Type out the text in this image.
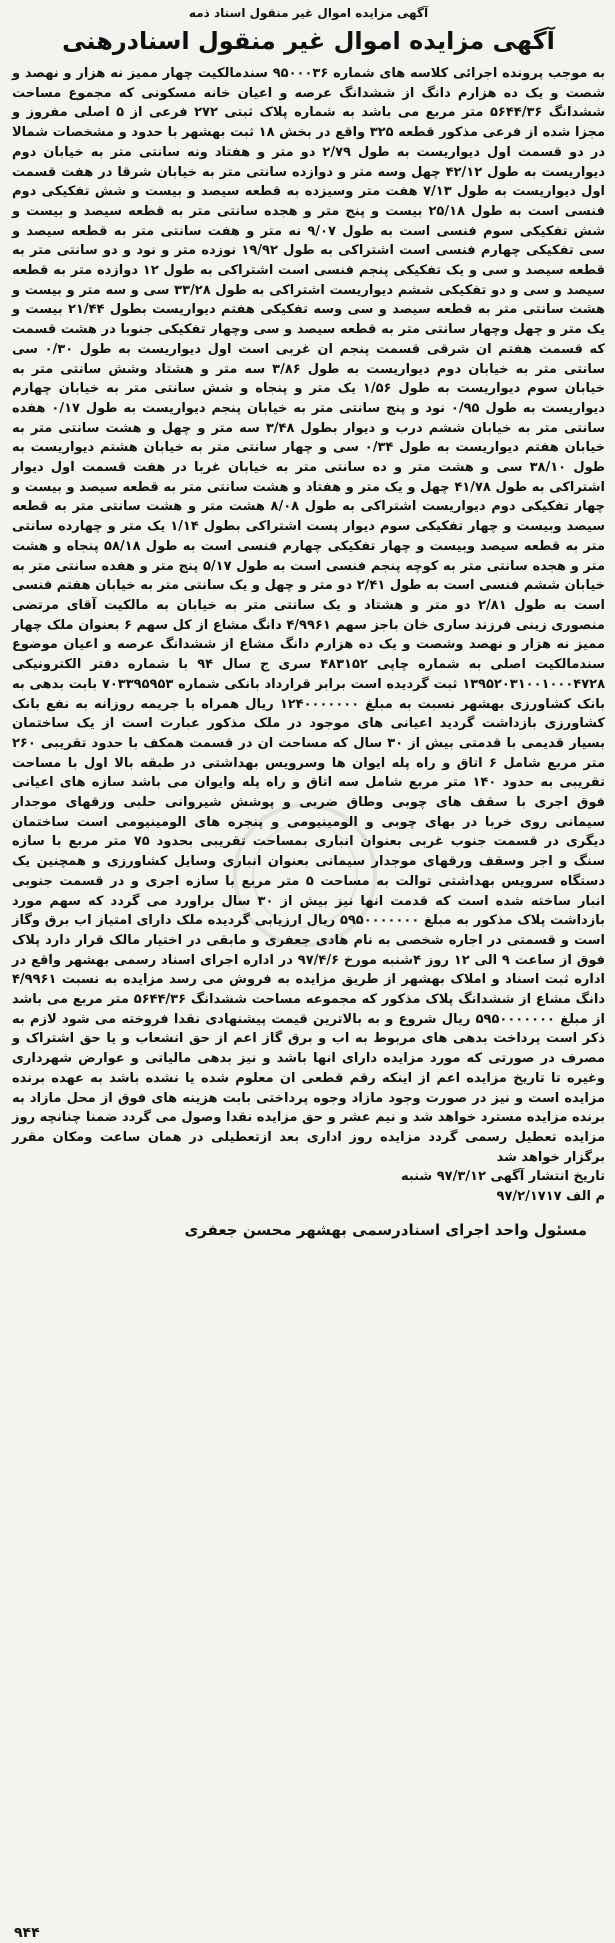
آگهی مزایده اموال غیر منقول اسناد ذمه
آگهی مزایده اموال غیر منقول اسنادرهنی

به موجب پرونده اجرائی کلاسه های شماره ۹۵۰۰۰۳۶ سندمالکیت چهار ممیز نه هزار و نهصد و شصت و یک ده هزارم دانگ از ششدانگ عرصه و اعیان خانه مسکونی که مجموع مساحت ششدانگ ۵۶۴۴/۳۶ متر مربع می باشد به شماره پلاک ثبتی ۲۷۲ فرعی از ۵ اصلی مفروز و مجزا شده از فرعی مذکور قطعه ۳۲۵ واقع در بخش ۱۸ ثبت بهشهر با حدود و مشخصات شمالا در دو قسمت اول دیواریست به طول ۲/۷۹ دو متر و هفتاد ونه سانتی متر به خیابان دوم دیواریست به طول ۴۲/۱۲ چهل وسه متر و دوازده سانتی متر به خیابان شرقا در هفت قسمت اول دیواریست به طول ۷/۱۳ هفت متر وسیزده به قطعه سیصد و بیست و شش تفکیکی دوم فنسی است به طول ۲۵/۱۸ بیست و پنج متر و هجده سانتی متر به قطعه سیصد و بیست و شش تفکیکی سوم فنسی است به طول ۹/۰۷ نه متر و هفت سانتی متر به قطعه سیصد و سی تفکیکی چهارم فنسی است اشتراکی به طول ۱۹/۹۲ نوزده متر و نود و دو سانتی متر به قطعه سیصد و سی و یک تفکیکی پنجم فنسی است اشتراکی به طول ۱۲ دوازده متر به قطعه سیصد و سی و دو تفکیکی ششم دیواریست اشتراکی به طول ۳۳/۲۸ سی و سه متر و بیست و هشت سانتی متر به قطعه سیصد و سی وسه تفکیکی هفتم دیواریست بطول ۲۱/۴۴ بیست و یک متر و چهل وچهار سانتی متر به قطعه سیصد و سی وچهار تفکیکی جنوبا در هشت قسمت که قسمت هفتم ان شرقی قسمت پنجم ان غربی است اول دیواریست به طول ۰/۳۰ سی سانتی متر به خیابان دوم دیواریست به طول ۳/۸۶ سه متر و هشتاد وشش سانتی متر به خیابان سوم دیواریست به طول ۱/۵۶ یک متر و پنجاه و شش سانتی متر به خیابان چهارم دیواریست به طول ۰/۹۵ نود و پنج سانتی متر به خیابان پنجم دیواریست به طول ۰/۱۷ هفده سانتی متر به خیابان ششم درب و دیوار بطول ۳/۴۸ سه متر و چهل و هشت سانتی متر به خیابان هفتم دیواریست به طول ۰/۳۴ سی و چهار سانتی متر به خیابان هشتم دیواریست به طول ۳۸/۱۰ سی و هشت متر و ده سانتی متر به خیابان غربا در هفت قسمت اول دیوار اشتراکی به طول ۴۱/۷۸ چهل و یک متر و هفتاد و هشت سانتی متر به قطعه سیصد و بیست و چهار تفکیکی دوم دیواریست اشتراکی به طول ۸/۰۸ هشت متر و هشت سانتی متر به قطعه سیصد وبیست و چهار تفکیکی سوم دیوار پست اشتراکی بطول ۱/۱۴ یک متر و چهارده سانتی متر به قطعه سیصد وبیست و چهار تفکیکی چهارم فنسی است به طول ۵۸/۱۸ پنجاه و هشت متر و هجده سانتی متر به کوچه پنجم فنسی است به طول ۵/۱۷ پنج متر و هفده سانتی متر به خیابان ششم فنسی است به طول ۲/۴۱ دو متر و چهل و یک سانتی متر به خیابان هفتم فنسی است به طول ۲/۸۱ دو متر و هشتاد و یک سانتی متر به خیابان به مالکیت آقای مرتضی منصوری زینی فرزند ساری خان باجز سهم ۴/۹۹۶۱ دانگ مشاع از کل سهم ۶ بعنوان ملک چهار ممیز نه هزار و نهصد وشصت و یک ده هزارم دانگ مشاع از ششدانگ عرصه و اعیان موضوع سندمالکیت اصلی به شماره چاپی ۴۸۳۱۵۲ سری ج سال ۹۴ با شماره دفتر الکترونیکی ۱۳۹۵۲۰۳۱۰۰۱۰۰۰۴۷۲۸ ثبت گردیده است برابر قرارداد بانکی شماره ۷۰۳۳۹۵۹۵۳ بابت بدهی به بانک کشاورزی بهشهر نسبت به مبلغ ۱۲۴۰۰۰۰۰۰۰ ریال همراه با جریمه روزانه به نفع بانک کشاورزی بازداشت گردید اعیانی های موجود در ملک مذکور عبارت است از یک ساختمان بسیار قدیمی با قدمتی بیش از ۳۰ سال که مساحت ان در قسمت همکف با حدود تقریبی ۲۶۰ متر مربع شامل ۶ اتاق و راه پله ایوان ها وسرویس بهداشتی در طبقه بالا اول با مساحت تقریبی به حدود ۱۴۰ متر مربع شامل سه اتاق و راه پله وایوان می باشد سازه های اعیانی فوق اجری با سقف های چوبی وطاق ضربی و پوشش شیروانی حلبی ورقهای موجدار سیمانی روی خربا در بهای چوبی و الومینیومی و پنجره های الومینیومی است ساختمان دیگری در قسمت جنوب غربی بعنوان انباری بمساحت تقریبی بحدود ۷۵ متر مربع با سازه سنگ و اجر وسقف ورقهای موجدار سیمانی بعنوان انباری وسایل کشاورزی و همچنین یک دستگاه سرویس بهداشتی توالت به مساحت ۵ متر مربع با سازه اجری و در قسمت جنوبی انبار ساخته شده است که قدمت انها نیز بیش از ۳۰ سال براورد می گردد که سهم مورد بازداشت پلاک مذکور به مبلغ ۵۹۵۰۰۰۰۰۰۰ ریال ارزیابی گردیده ملک دارای امتیاز اب برق وگاز است و قسمتی در اجاره شخصی به نام هادی جعفری و مابقی در اختیار مالک قرار دارد پلاک فوق از ساعت ۹ الی ۱۲ روز ۴شنبه مورخ ۹۷/۴/۶ در اداره اجرای اسناد رسمی بهشهر واقع در اداره ثبت اسناد و املاک بهشهر از طریق مزایده به فروش می رسد مزایده به نسبت ۴/۹۹۶۱ دانگ مشاع از ششدانگ پلاک مذکور که مجموعه مساحت ششدانگ ۵۶۴۴/۳۶ متر مربع می باشد از مبلغ ۵۹۵۰۰۰۰۰۰۰ ریال شروع و به بالاترین قیمت پیشنهادی نقدا فروخته می شود لازم به ذکر است پرداخت بدهی های مربوط به اب و برق گاز اعم از حق انشعاب و یا حق اشتراک و مصرف در صورتی که مورد مزایده دارای انها باشد و نیز بدهی مالیاتی و عوارض شهرداری وغیره تا تاریخ مزایده اعم از اینکه رقم قطعی ان معلوم شده یا نشده باشد به عهده برنده مزایده است و نیز در صورت وجود مازاد وجوه پرداختی بابت هزینه های فوق از محل مازاد به برنده مزایده مسترد خواهد شد و نیم عشر و حق مزایده نقدا وصول می گردد ضمنا چنانچه روز مزایده تعطیل رسمی گردد مزایده روز اداری بعد ازتعطیلی در همان ساعت ومکان مقرر برگزار خواهد شد

تاریخ انتشار آگهی ۹۷/۳/۱۲ شنبه

م الف ۹۷/۲/۱۷۱۷

مسئول واحد اجرای اسنادرسمی بهشهر محسن جعفری

۹۴۴
